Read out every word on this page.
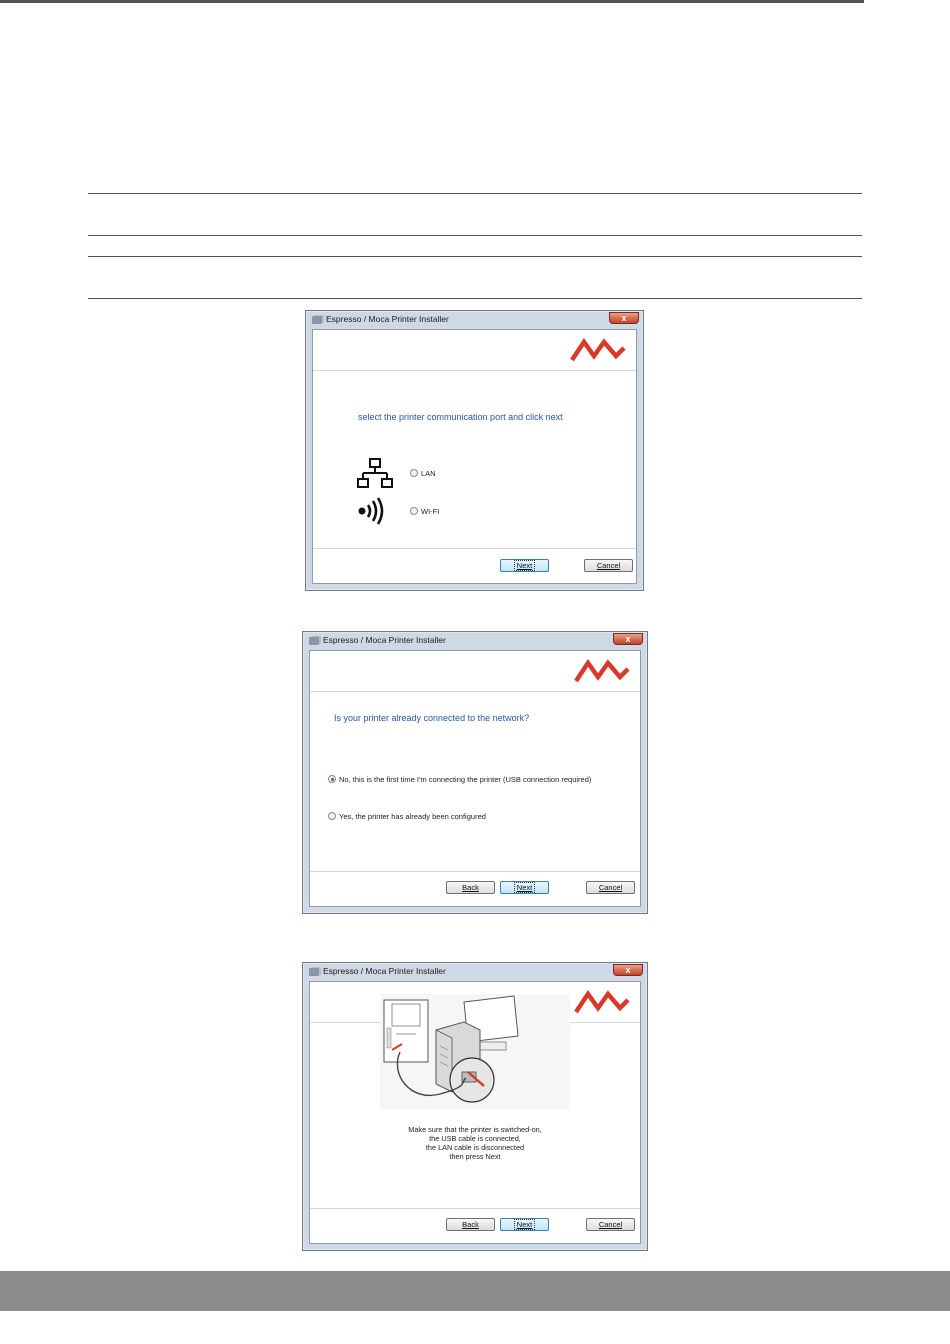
Espresso / Moca Printer Installer	x
select the printer communication port and click next
LAN
WI-FI
Next	Cancel
Espresso / Moca Printer Installer	x
Is your printer already connected to the network?
No, this is the first time I'm connecting the printer (USB connection required)
Yes, the printer has already been configured
Back	Next	Cancel
Espresso / Moca Printer Installer	x
Make sure that the printer is switched-on,
the USB cable is connected,
the LAN cable is disconnected
then press Next
Back	Next	Cancel
